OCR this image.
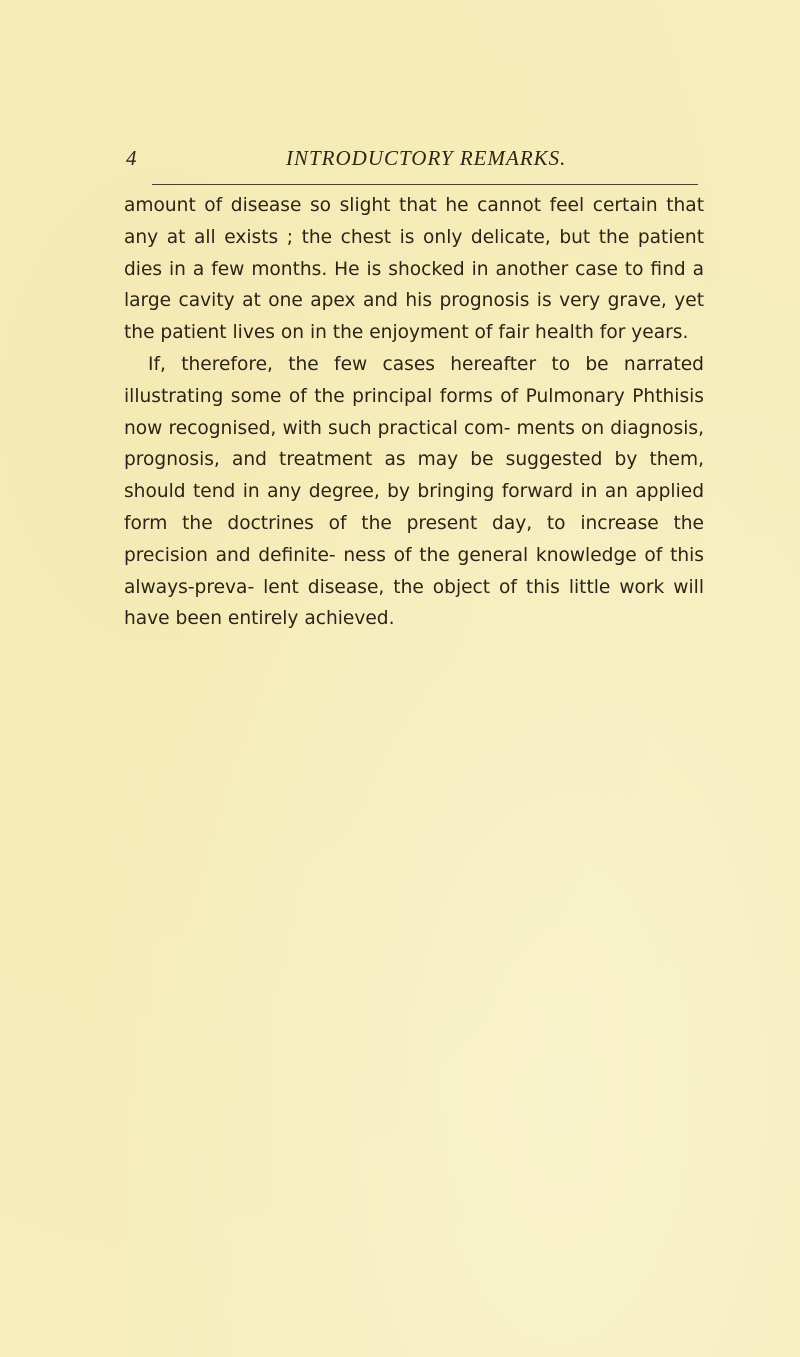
4	INTRODUCTORY REMARKS.

amount of disease so slight that he cannot feel certain that any at all exists ; the chest is only delicate, but the patient dies in a few months. He is shocked in another case to find a large cavity at one apex and his prognosis is very grave, yet the patient lives on in the enjoyment of fair health for years.

If, therefore, the few cases hereafter to be narrated illustrating some of the principal forms of Pulmonary Phthisis now recognised, with such practical com- ments on diagnosis, prognosis, and treatment as may be suggested by them, should tend in any degree, by bringing forward in an applied form the doctrines of the present day, to increase the precision and definite- ness of the general knowledge of this always-preva- lent disease, the object of this little work will have been entirely achieved.
